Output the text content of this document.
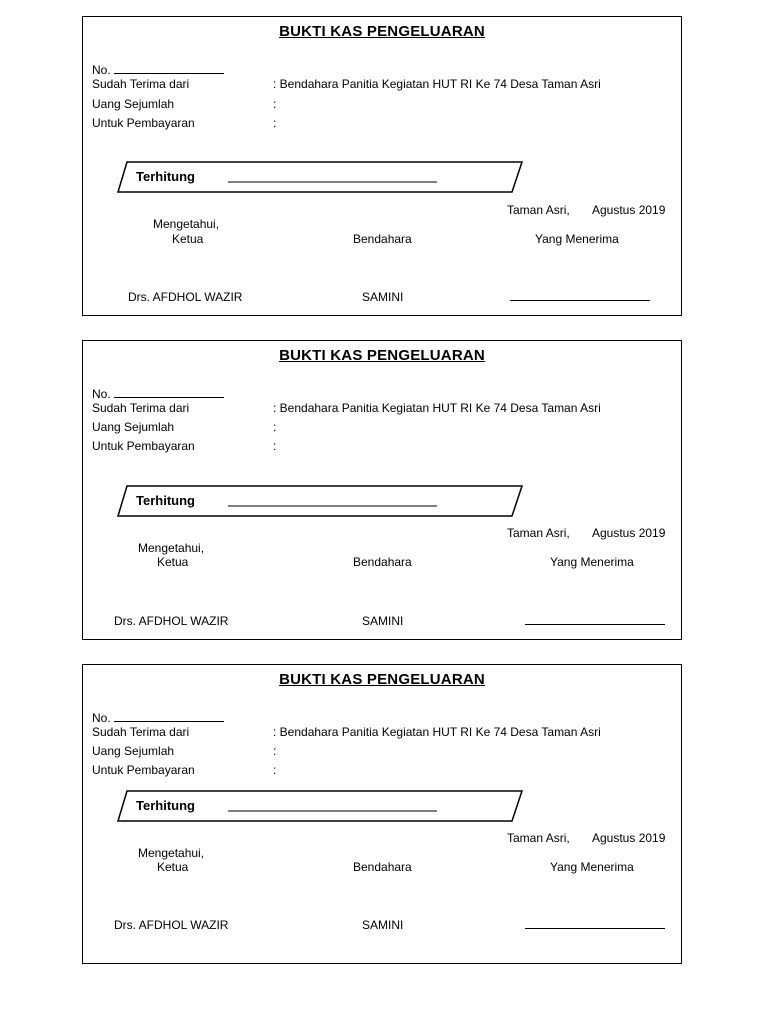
BUKTI KAS PENGELUARAN
No.
Sudah Terima dari	: Bendahara Panitia Kegiatan HUT RI Ke 74 Desa Taman Asri
Uang Sejumlah	:
Untuk Pembayaran	:
Terhitung
Taman Asri, Agustus 2019
Mengetahui,
Ketua	Bendahara	Yang Menerima
Drs. AFDHOL WAZIR	SAMINI
BUKTI KAS PENGELUARAN
No.
Sudah Terima dari	: Bendahara Panitia Kegiatan HUT RI Ke 74 Desa Taman Asri
Uang Sejumlah	:
Untuk Pembayaran	:
Terhitung
Taman Asri, Agustus 2019
Mengetahui,
Ketua	Bendahara	Yang Menerima
Drs. AFDHOL WAZIR	SAMINI
BUKTI KAS PENGELUARAN
No.
Sudah Terima dari	: Bendahara Panitia Kegiatan HUT RI Ke 74 Desa Taman Asri
Uang Sejumlah	:
Untuk Pembayaran	:
Terhitung
Taman Asri, Agustus 2019
Mengetahui,
Ketua	Bendahara	Yang Menerima
Drs. AFDHOL WAZIR	SAMINI
